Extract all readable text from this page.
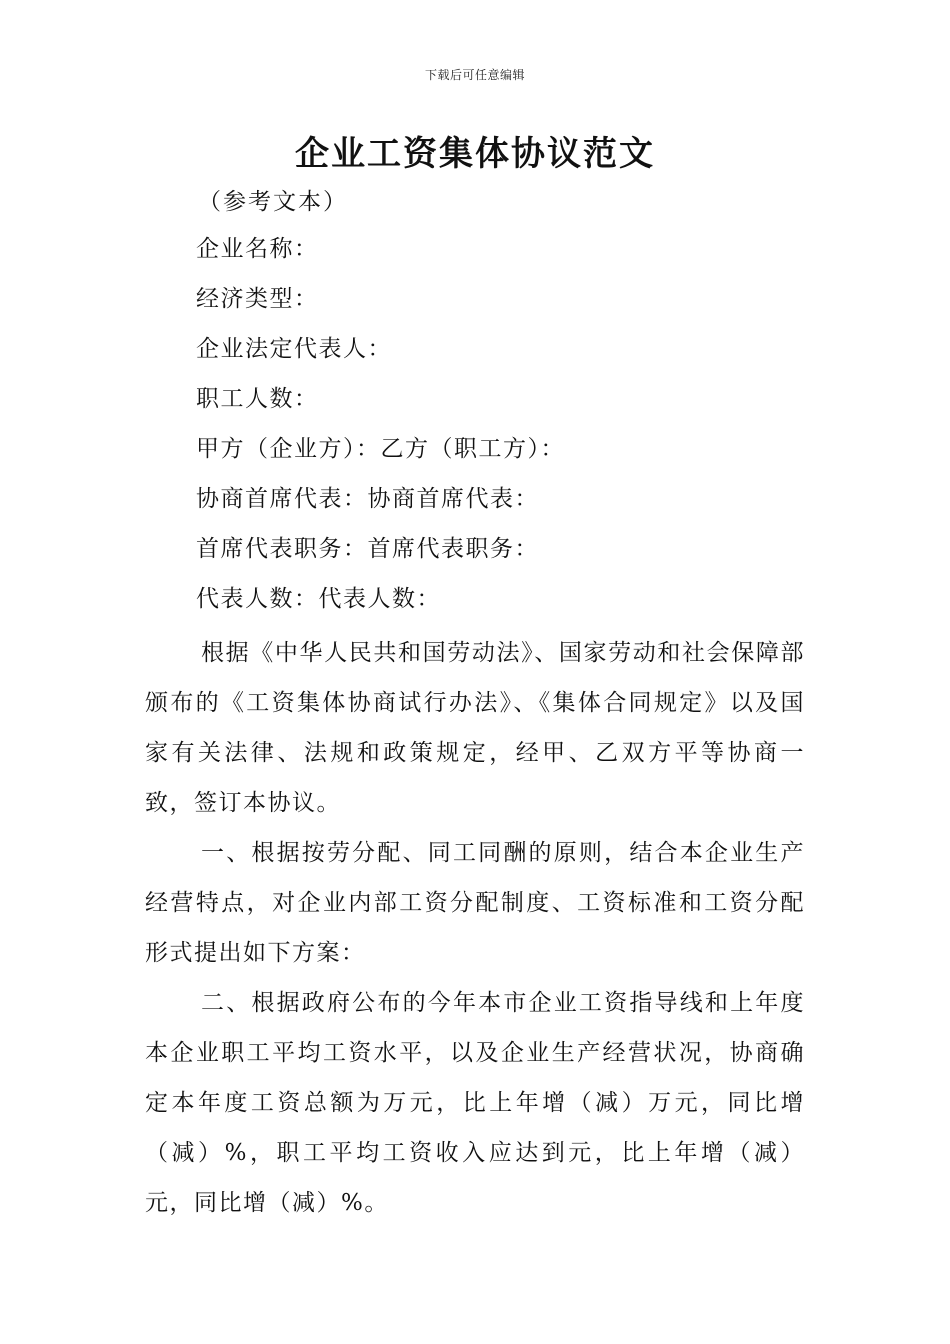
下载后可任意编辑
企业工资集体协议范文
（参考文本）
企业名称：
经济类型：
企业法定代表人：
职工人数：
甲方（企业方）：乙方（职工方）：
协商首席代表：协商首席代表：
首席代表职务：首席代表职务：
代表人数：代表人数：

根据《中华人民共和国劳动法》、国家劳动和社会保障部颁布的《工资集体协商试行办法》、《集体合同规定》以及国家有关法律、法规和政策规定，经甲、乙双方平等协商一致，签订本协议。

一、根据按劳分配、同工同酬的原则，结合本企业生产经营特点，对企业内部工资分配制度、工资标准和工资分配形式提出如下方案：

二、根据政府公布的今年本市企业工资指导线和上年度本企业职工平均工资水平，以及企业生产经营状况，协商确定本年度工资总额为万元，比上年增（减）万元，同比增（减）%，职工平均工资收入应达到元，比上年增（减）元，同比增（减）%。
